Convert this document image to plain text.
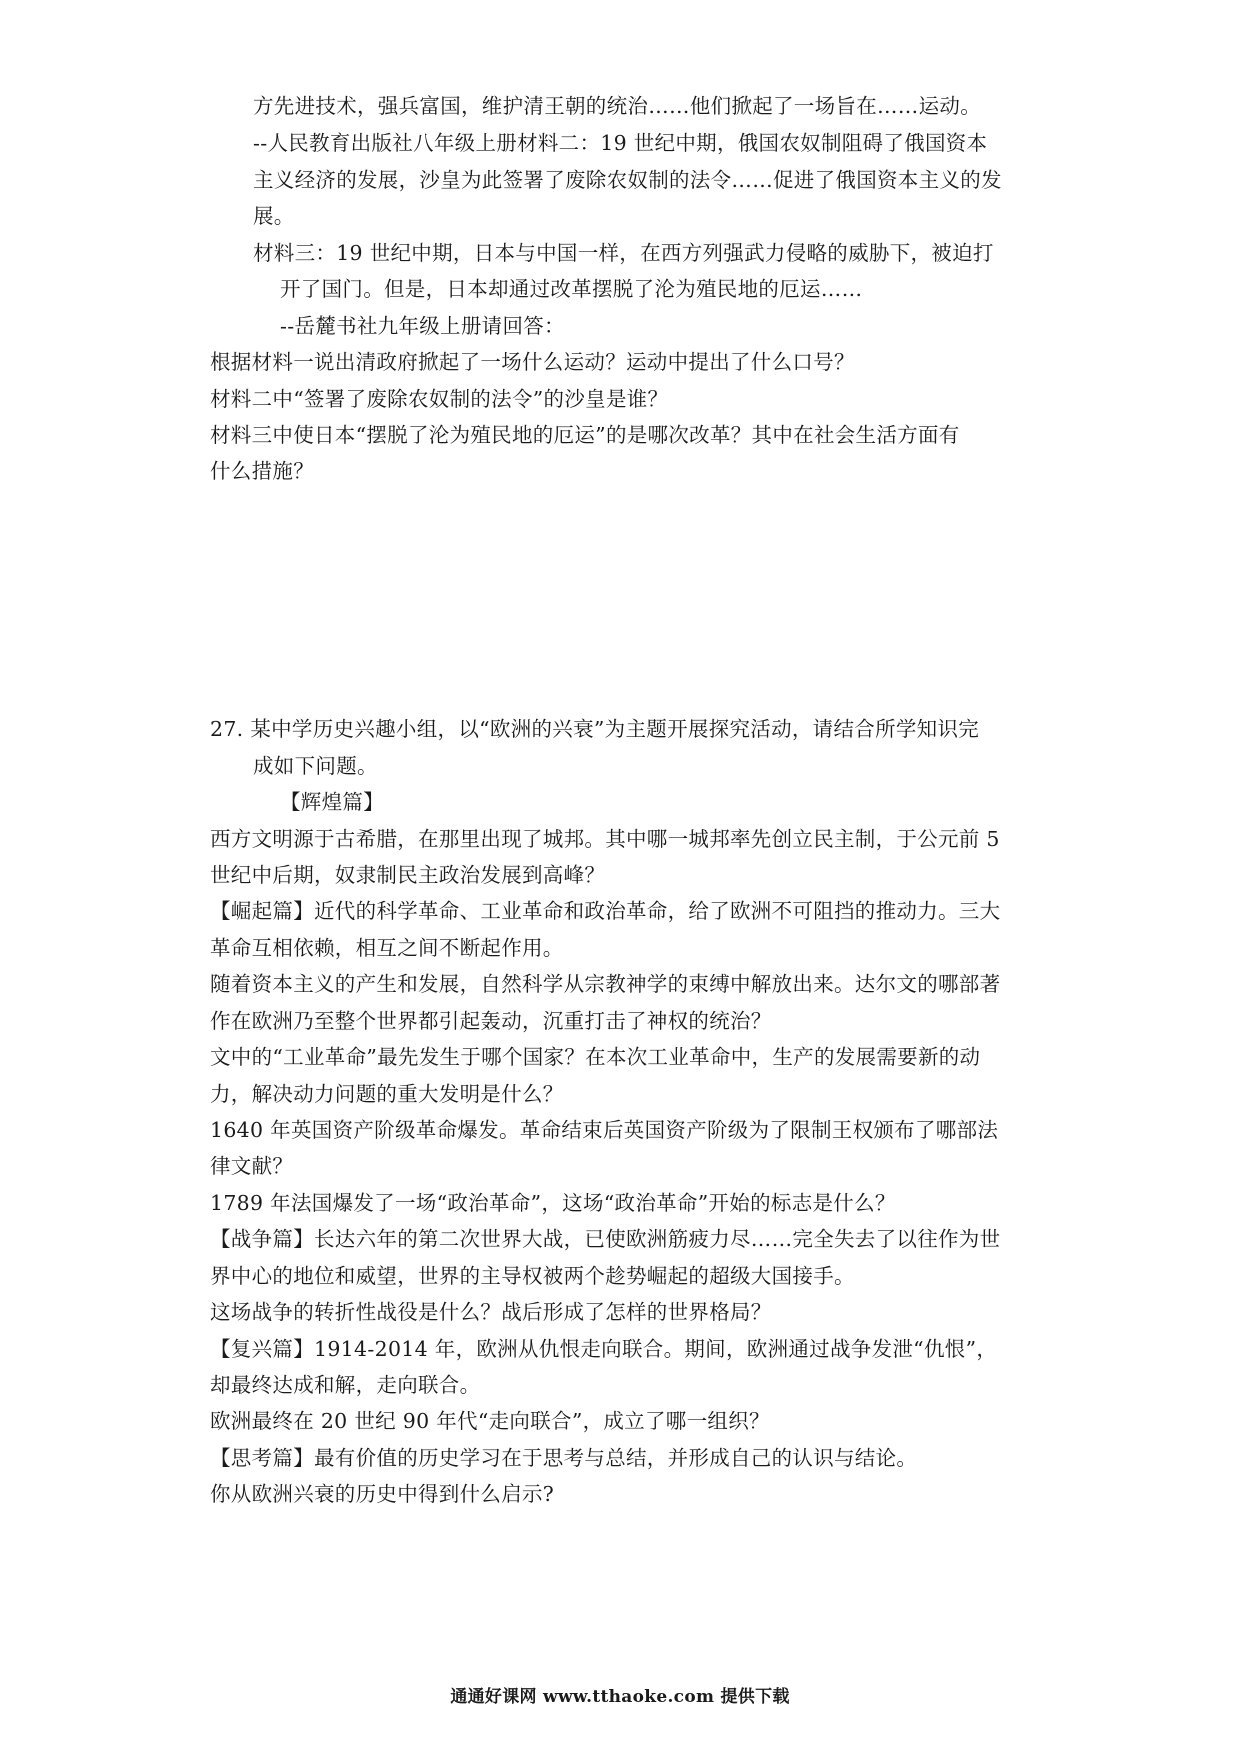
方先进技术，强兵富国，维护清王朝的统治……他们掀起了一场旨在……运动。
--人民教育出版社八年级上册材料二：19 世纪中期，俄国农奴制阻碍了俄国资本
主义经济的发展，沙皇为此签署了废除农奴制的法令……促进了俄国资本主义的发
展。
材料三：19 世纪中期，日本与中国一样，在西方列强武力侵略的威胁下，被迫打
开了国门。但是，日本却通过改革摆脱了沦为殖民地的厄运……
--岳麓书社九年级上册请回答：
根据材料一说出清政府掀起了一场什么运动？运动中提出了什么口号？
材料二中“签署了废除农奴制的法令”的沙皇是谁？
材料三中使日本“摆脱了沦为殖民地的厄运”的是哪次改革？其中在社会生活方面有
什么措施？
27. 某中学历史兴趣小组，以“欧洲的兴衰”为主题开展探究活动，请结合所学知识完
成如下问题。
【辉煌篇】
西方文明源于古希腊，在那里出现了城邦。其中哪一城邦率先创立民主制，于公元前 5
世纪中后期，奴隶制民主政治发展到高峰？
【崛起篇】近代的科学革命、工业革命和政治革命，给了欧洲不可阻挡的推动力。三大
革命互相依赖，相互之间不断起作用。
随着资本主义的产生和发展，自然科学从宗教神学的束缚中解放出来。达尔文的哪部著
作在欧洲乃至整个世界都引起轰动，沉重打击了神权的统治？
文中的“工业革命”最先发生于哪个国家？在本次工业革命中，生产的发展需要新的动
力，解决动力问题的重大发明是什么？
1640 年英国资产阶级革命爆发。革命结束后英国资产阶级为了限制王权颁布了哪部法
律文献？
1789 年法国爆发了一场“政治革命”，这场“政治革命”开始的标志是什么？
【战争篇】长达六年的第二次世界大战，已使欧洲筋疲力尽……完全失去了以往作为世
界中心的地位和威望，世界的主导权被两个趁势崛起的超级大国接手。
这场战争的转折性战役是什么？战后形成了怎样的世界格局？
【复兴篇】1914-2014 年，欧洲从仇恨走向联合。期间，欧洲通过战争发泄“仇恨”，
却最终达成和解，走向联合。
欧洲最终在 20 世纪 90 年代“走向联合”，成立了哪一组织？
【思考篇】最有价值的历史学习在于思考与总结，并形成自己的认识与结论。
你从欧洲兴衰的历史中得到什么启示?
通通好课网 www.tthaoke.com 提供下载
